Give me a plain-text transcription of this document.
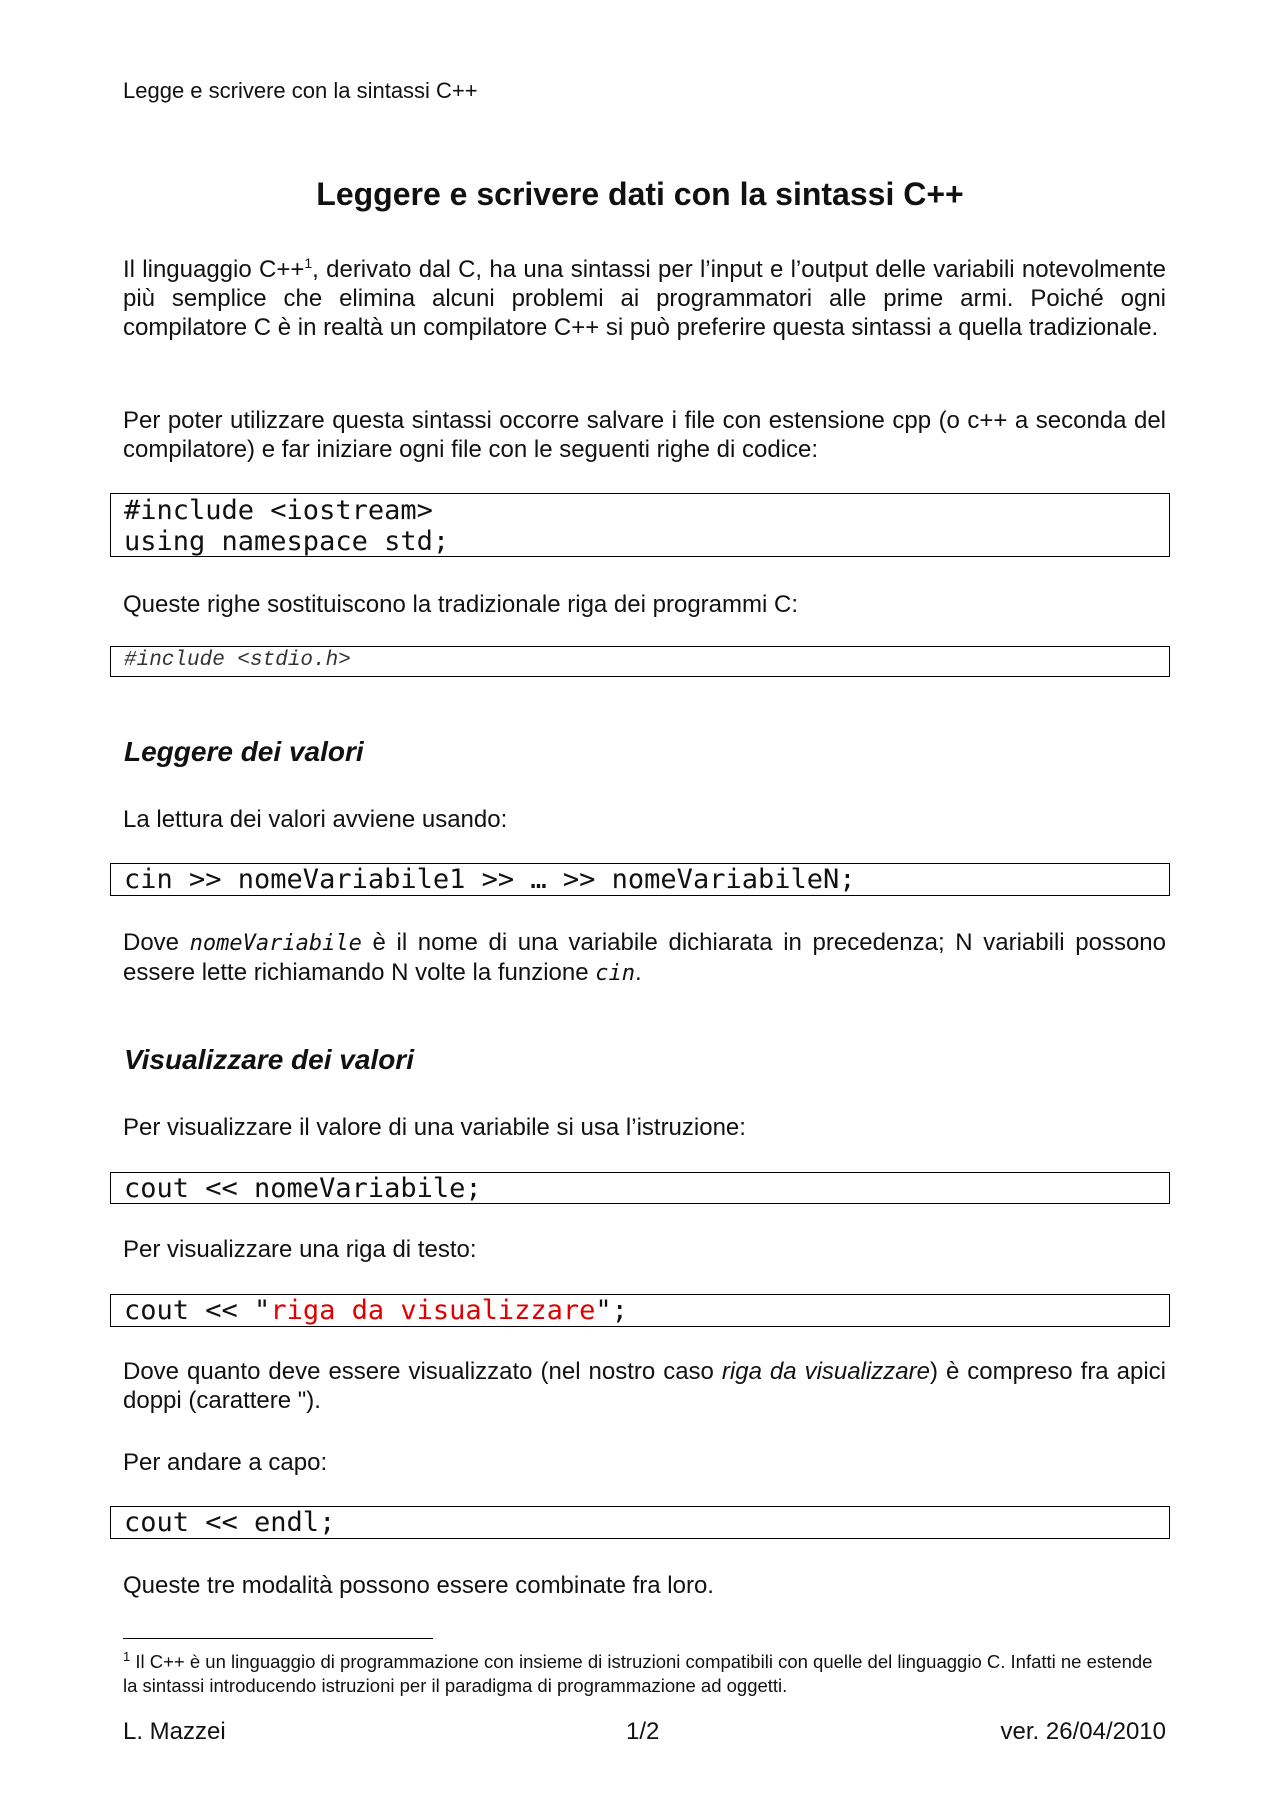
Legge e scrivere con la sintassi C++
Leggere e scrivere dati con la sintassi C++

Il linguaggio C++$^1$, derivato dal C, ha una sintassi per l’input e l’output delle variabili notevolmente più semplice che elimina alcuni problemi ai programmatori alle prime armi. Poiché ogni compilatore C è in realtà un compilatore C++ si può preferire questa sintassi a quella tradizionale.

Per poter utilizzare questa sintassi occorre salvare i file con estensione cpp (o c++ a seconda del compilatore) e far iniziare ogni file con le seguenti righe di codice:
#include <iostream>
using namespace std;
Queste righe sostituiscono la tradizionale riga dei programmi C:
#include <stdio.h>
Leggere dei valori
La lettura dei valori avviene usando:
cin >> nomeVariabile1 >> … >> nomeVariabileN;
Dove nomeVariabile è il nome di una variabile dichiarata in precedenza; N variabili possono essere lette richiamando N volte la funzione cin.
Visualizzare dei valori
Per visualizzare il valore di una variabile si usa l’istruzione:
cout << nomeVariabile;
Per visualizzare una riga di testo:
cout << "riga da visualizzare";
Dove quanto deve essere visualizzato (nel nostro caso riga da visualizzare) è compreso fra apici doppi (carattere ").
Per andare a capo:
cout << endl;
Queste tre modalità possono essere combinate fra loro.
$^1$ Il C++ è un linguaggio di programmazione con insieme di istruzioni compatibili con quelle del linguaggio C. Infatti ne estende la sintassi introducendo istruzioni per il paradigma di programmazione ad oggetti.
L. Mazzei	1/2	ver. 26/04/2010
